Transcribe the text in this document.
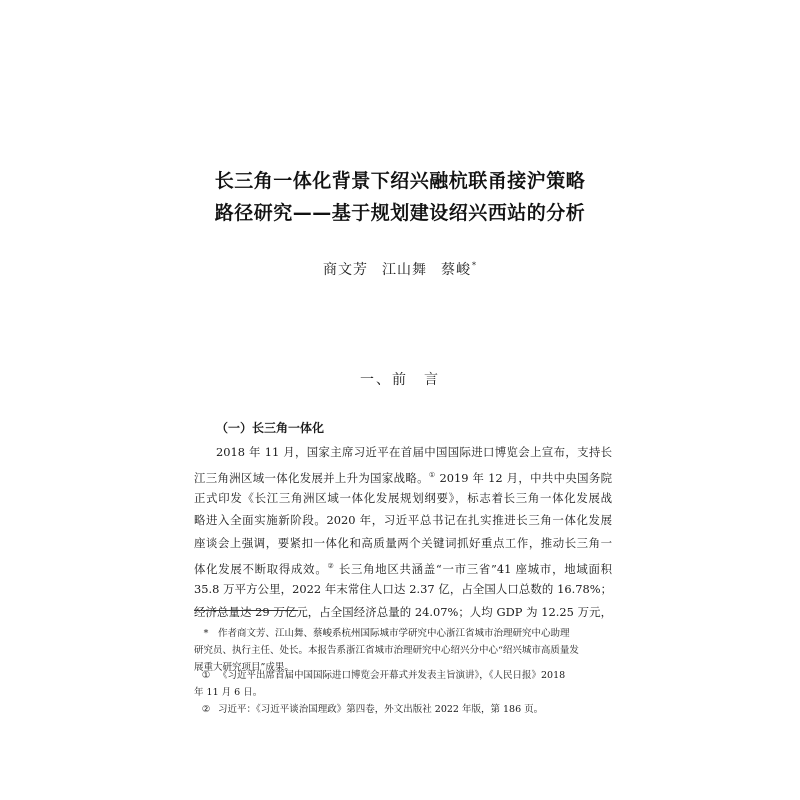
长三角一体化背景下绍兴融杭联甬接沪策略
路径研究——基于规划建设绍兴西站的分析
商文芳 江山舞 蔡峻*
一、前　言
（一）长三角一体化
2018 年 11 月，国家主席习近平在首届中国国际进口博览会上宣布，支持长
江三角洲区域一体化发展并上升为国家战略。① 2019 年 12 月，中共中央国务院
正式印发《长江三角洲区域一体化发展规划纲要》，标志着长三角一体化发展战
略进入全面实施新阶段。2020 年，习近平总书记在扎实推进长三角一体化发展
座谈会上强调，要紧扣一体化和高质量两个关键词抓好重点工作，推动长三角一
体化发展不断取得成效。② 长三角地区共涵盖“一市三省”41 座城市，地域面积
35.8 万平方公里，2022 年末常住人口达 2.37 亿，占全国人口总数的 16.78%；
经济总量达 29 万亿元，占全国经济总量的 24.07%；人均 GDP 为 12.25 万元，
* 作者商文芳、江山舞、蔡峻系杭州国际城市学研究中心浙江省城市治理研究中心助理
研究员、执行主任、处长。本报告系浙江省城市治理研究中心绍兴分中心“绍兴城市高质量发
展重大研究项目”成果。
① 《习近平出席首届中国国际进口博览会开幕式并发表主旨演讲》，《人民日报》2018
年 11 月 6 日。
② 习近平：《习近平谈治国理政》第四卷，外文出版社 2022 年版，第 186 页。
